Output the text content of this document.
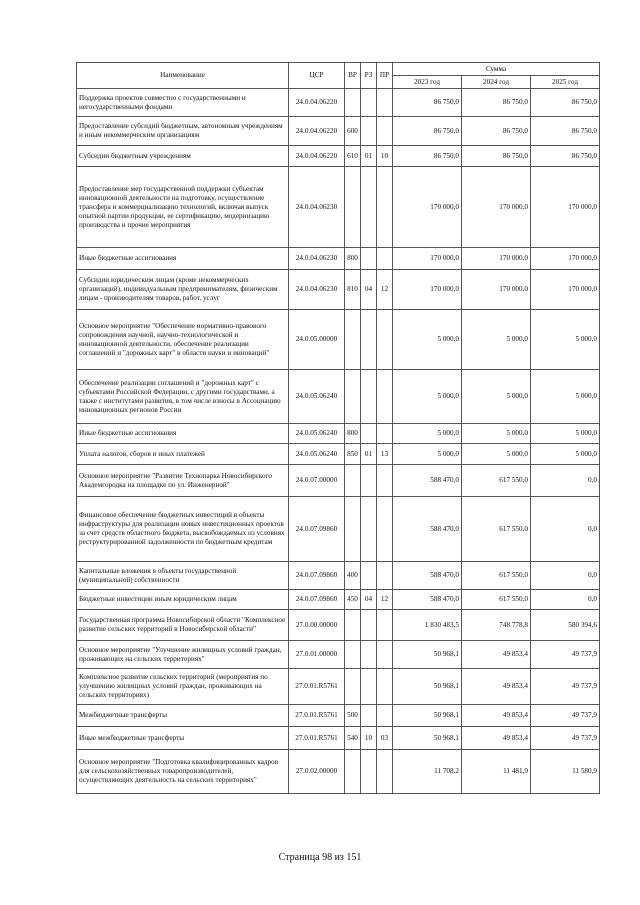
Наименование	ЦСР	ВР	РЗ	ПР	Сумма		
					2023 год	2024 год	2025 год
Поддержка проектов совместно с государственными и негосударственными фондами	24.0.04.06220				86 750,0	86 750,0	86 750,0
Предоставление субсидий бюджетным, автономным учреждениям и иным некоммерческим организациям	24.0.04.06220	600			86 750,0	86 750,0	86 750,0
Субсидии бюджетным учреждениям	24.0.04.06220	610	01	10	86 750,0	86 750,0	86 750,0
Предоставление мер государственной поддержки субъектам инновационной деятельности на подготовку, осуществление трансфера и коммерциализацию технологий, включая выпуск опытной партии продукции, ее сертификацию, модернизацию производства и прочие мероприятия	24.0.04.06230				170 000,0	170 000,0	170 000,0
Иные бюджетные ассигнования	24.0.04.06230	800			170 000,0	170 000,0	170 000,0
Субсидии юридическим лицам (кроме некоммерческих организаций), индивидуальным предпринимателям, физическим лицам - производителям товаров, работ, услуг	24.0.04.06230	810	04	12	170 000,0	170 000,0	170 000,0
Основное мероприятие "Обеспечение нормативно-правового сопровождения научной, научно-технологической и инновационной деятельности, обеспечение реализации соглашений и "дорожных карт" в области науки и инноваций"	24.0.05.00000				5 000,0	5 000,0	5 000,0
Обеспечение реализации соглашений и "дорожных карт" с субъектами Российской Федерации, с другими государствами, а также с институтами развития, в том числе взносы в Ассоциацию инновационных регионов России	24.0.05.06240				5 000,0	5 000,0	5 000,0
Иные бюджетные ассигнования	24.0.05.06240	800			5 000,0	5 000,0	5 000,0
Уплата налогов, сборов и иных платежей	24.0.05.06240	850	01	13	5 000,0	5 000,0	5 000,0
Основное мероприятие "Развитие Технопарка Новосибирского Академгородка на площадке по ул. Инженерной"	24.0.07.00000				588 470,0	617 550,0	0,0
Финансовое обеспечение бюджетных инвестиций в объекты инфраструктуры для реализации новых инвестиционных проектов за счет средств областного бюджета, высвобождаемых из условиях реструктурированной задолженности по бюджетным кредитам	24.0.07.09860				588 470,0	617 550,0	0,0
Капитальные вложения в объекты государственной (муниципальной) собственности	24.0.07.09860	400			588 470,0	617 550,0	0,0
Бюджетные инвестиции иным юридическим лицам	24.0.07.09860	450	04	12	588 470,0	617 550,0	0,0
Государственная программа Новосибирской области "Комплексное развитие сельских территорий в Новосибирской области"	27.0.00.00000				1 830 483,5	748 778,8	580 394,6
Основное мероприятие "Улучшение жилищных условий граждан, проживающих на сельских территориях"	27.0.01.00000				50 968,1	49 853,4	49 737,9
Комплексное развитие сельских территорий (мероприятия по улучшению жилищных условий граждан, проживающих на сельских территориях)	27.0.01.R5761				50 968,1	49 853,4	49 737,9
Межбюджетные трансферты	27.0.01.R5761	500			50 968,1	49 853,4	49 737,9
Иные межбюджетные трансферты	27.0.01.R5761	540	10	03	50 968,1	49 853,4	49 737,9
Основное мероприятие "Подготовка квалифицированных кадров для сельскохозяйственных товаропроизводителей, осуществляющих деятельность на сельских территориях"	27.0.02.00000				11 708,2	11 481,9	11 580,9
Страница 98 из 151
